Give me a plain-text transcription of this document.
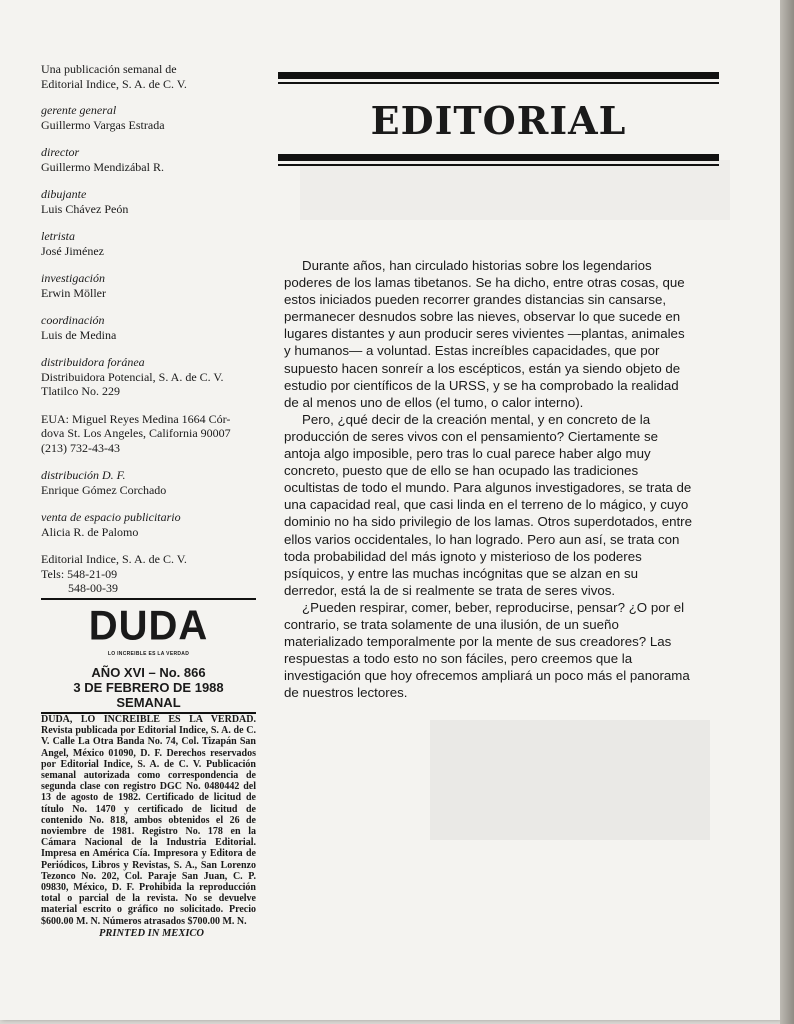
Una publicación semanal de

Editorial Indice, S. A. de C. V.

gerente general

Guillermo Vargas Estrada

director

Guillermo Mendizábal R.

dibujante

Luis Chávez Peón

letrista

José Jiménez

investigación

Erwin Möller

coordinación

Luis de Medina

distribuidora foránea

Distribuidora Potencial, S. A. de C. V.

Tlatilco No. 229

EUA: Miguel Reyes Medina 1664 Cór-

dova St. Los Angeles, California 90007

(213) 732-43-43

distribución D. F.

Enrique Gómez Corchado

venta de espacio publicitario

Alicia R. de Palomo

Editorial Indice, S. A. de C. V.

Tels: 548-21-09

548-00-39

DUDA
LO INCREIBLE ES LA VERDAD
AÑO XVI – No. 866
3 DE FEBRERO DE 1988
SEMANAL

DUDA, LO INCREIBLE ES LA VERDAD. Revista publicada por Editorial Indice, S. A. de C. V. Calle La Otra Banda No. 74, Col. Tizapán San Angel, México 01090, D. F. Derechos reservados por Editorial Indice, S. A. de C. V. Publicación semanal autorizada como correspondencia de segunda clase con registro DGC No. 0480442 del 13 de agosto de 1982. Certificado de licitud de título No. 1470 y certificado de licitud de contenido No. 818, ambos obtenidos el 26 de noviembre de 1981. Registro No. 178 en la Cámara Nacional de la Industria Editorial. Impresa en América Cía. Impresora y Editora de Periódicos, Libros y Revistas, S. A., San Lorenzo Tezonco No. 202, Col. Paraje San Juan, C. P. 09830, México, D. F. Prohibida la reproducción total o parcial de la revista. No se devuelve material escrito o gráfico no solicitado. Precio $600.00 M. N. Números atrasados $700.00 M. N.

PRINTED IN MEXICO

EDITORIAL

Durante años, han circulado historias sobre los legendarios poderes de los lamas tibetanos. Se ha dicho, entre otras cosas, que estos iniciados pueden recorrer grandes distancias sin cansarse, permanecer desnudos sobre las nieves, observar lo que sucede en lugares distantes y aun producir seres vivientes —plantas, animales y humanos— a voluntad. Estas increíbles capacidades, que por supuesto hacen sonreír a los escépticos, están ya siendo objeto de estudio por científicos de la URSS, y se ha comprobado la realidad de al menos uno de ellos (el tumo, o calor interno).

Pero, ¿qué decir de la creación mental, y en concreto de la producción de seres vivos con el pensamiento? Ciertamente se antoja algo imposible, pero tras lo cual parece haber algo muy concreto, puesto que de ello se han ocupado las tradiciones ocultistas de todo el mundo. Para algunos investigadores, se trata de una capacidad real, que casi linda en el terreno de lo mágico, y cuyo dominio no ha sido privilegio de los lamas. Otros superdotados, entre ellos varios occidentales, lo han logrado. Pero aun así, se trata con toda probabilidad del más ignoto y misterioso de los poderes psíquicos, y entre las muchas incógnitas que se alzan en su derredor, está la de si realmente se trata de seres vivos.

¿Pueden respirar, comer, beber, reproducirse, pensar? ¿O por el contrario, se trata solamente de una ilusión, de un sueño materializado temporalmente por la mente de sus creadores? Las respuestas a todo esto no son fáciles, pero creemos que la investigación que hoy ofrecemos ampliará un poco más el panorama de nuestros lectores.
